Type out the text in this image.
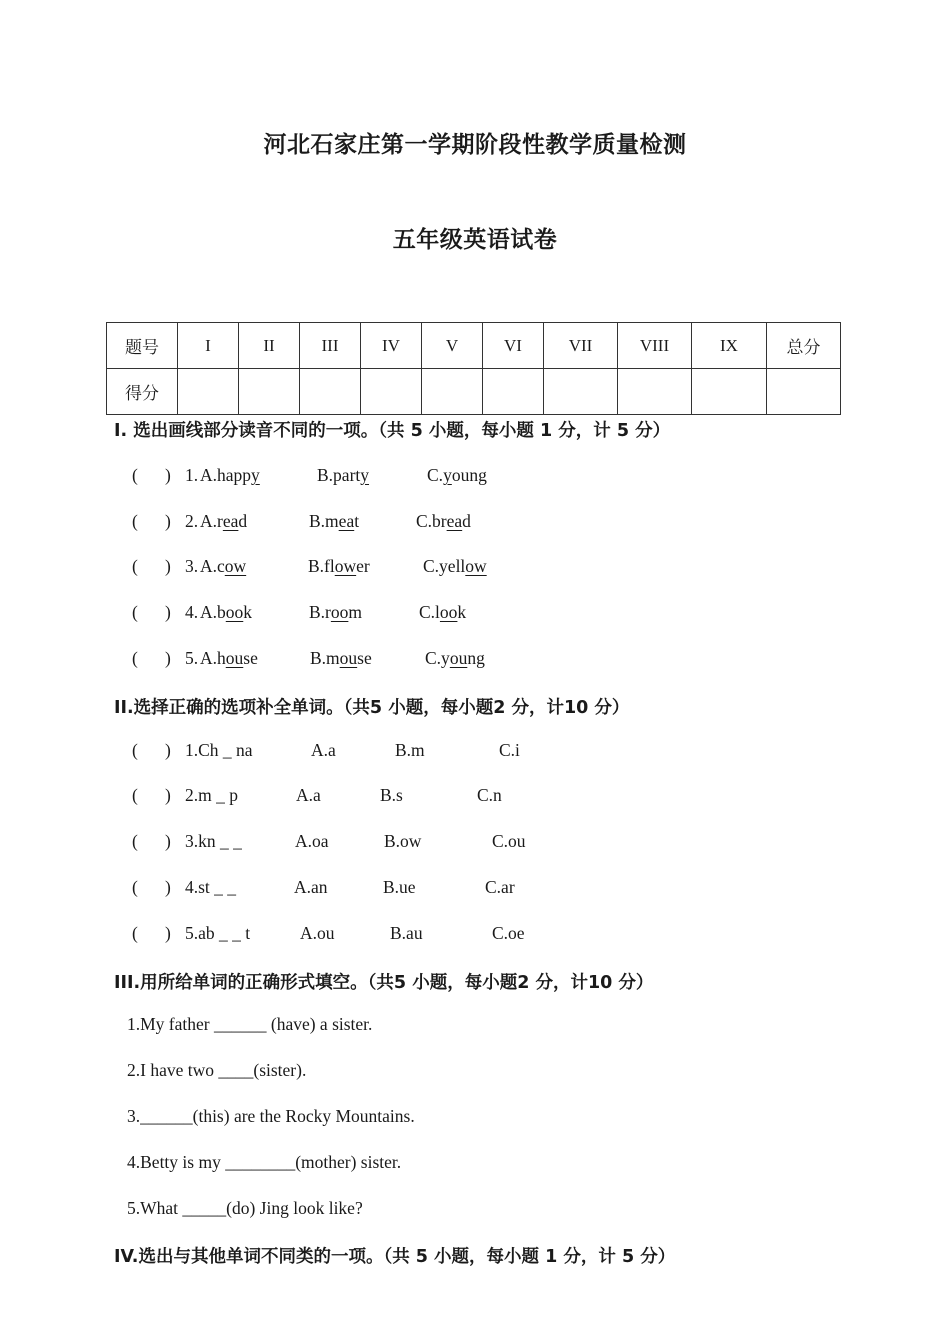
河北石家庄第一学期阶段性教学质量检测
五年级英语试卷
题号	I	II	III	IV	V	VI	VII	VIII	IX	总分
得分										
I. 选出画线部分读音不同的一项。（共 5 小题，每小题 1 分，计 5 分）
( ) 1. A.happy	B.party	C.young
( ) 2. A.read	B.meat	C.bread
( ) 3. A.cow	B.flower	C.yellow
( ) 4. A.book	B.room	C.look
( ) 5. A.house	B.mouse	C.young
II.选择正确的选项补全单词。（共5 小题，每小题2 分，计10 分）
( ) 1.Ch _ na	A.a	B.m	C.i
( ) 2.m _ p	A.a	B.s	C.n
( ) 3.kn _ _	A.oa	B.ow	C.ou
( ) 4.st _ _	A.an	B.ue	C.ar
( ) 5.ab _ _ t	A.ou	B.au	C.oe
III.用所给单词的正确形式填空。（共5 小题，每小题2 分，计10 分）
1.My father ______ (have) a sister.
2.I have two ____(sister).
3.______(this) are the Rocky Mountains.
4.Betty is my ________(mother) sister.
5.What _____(do) Jing look like?
IV.选出与其他单词不同类的一项。（共 5 小题，每小题 1 分，计 5 分）
